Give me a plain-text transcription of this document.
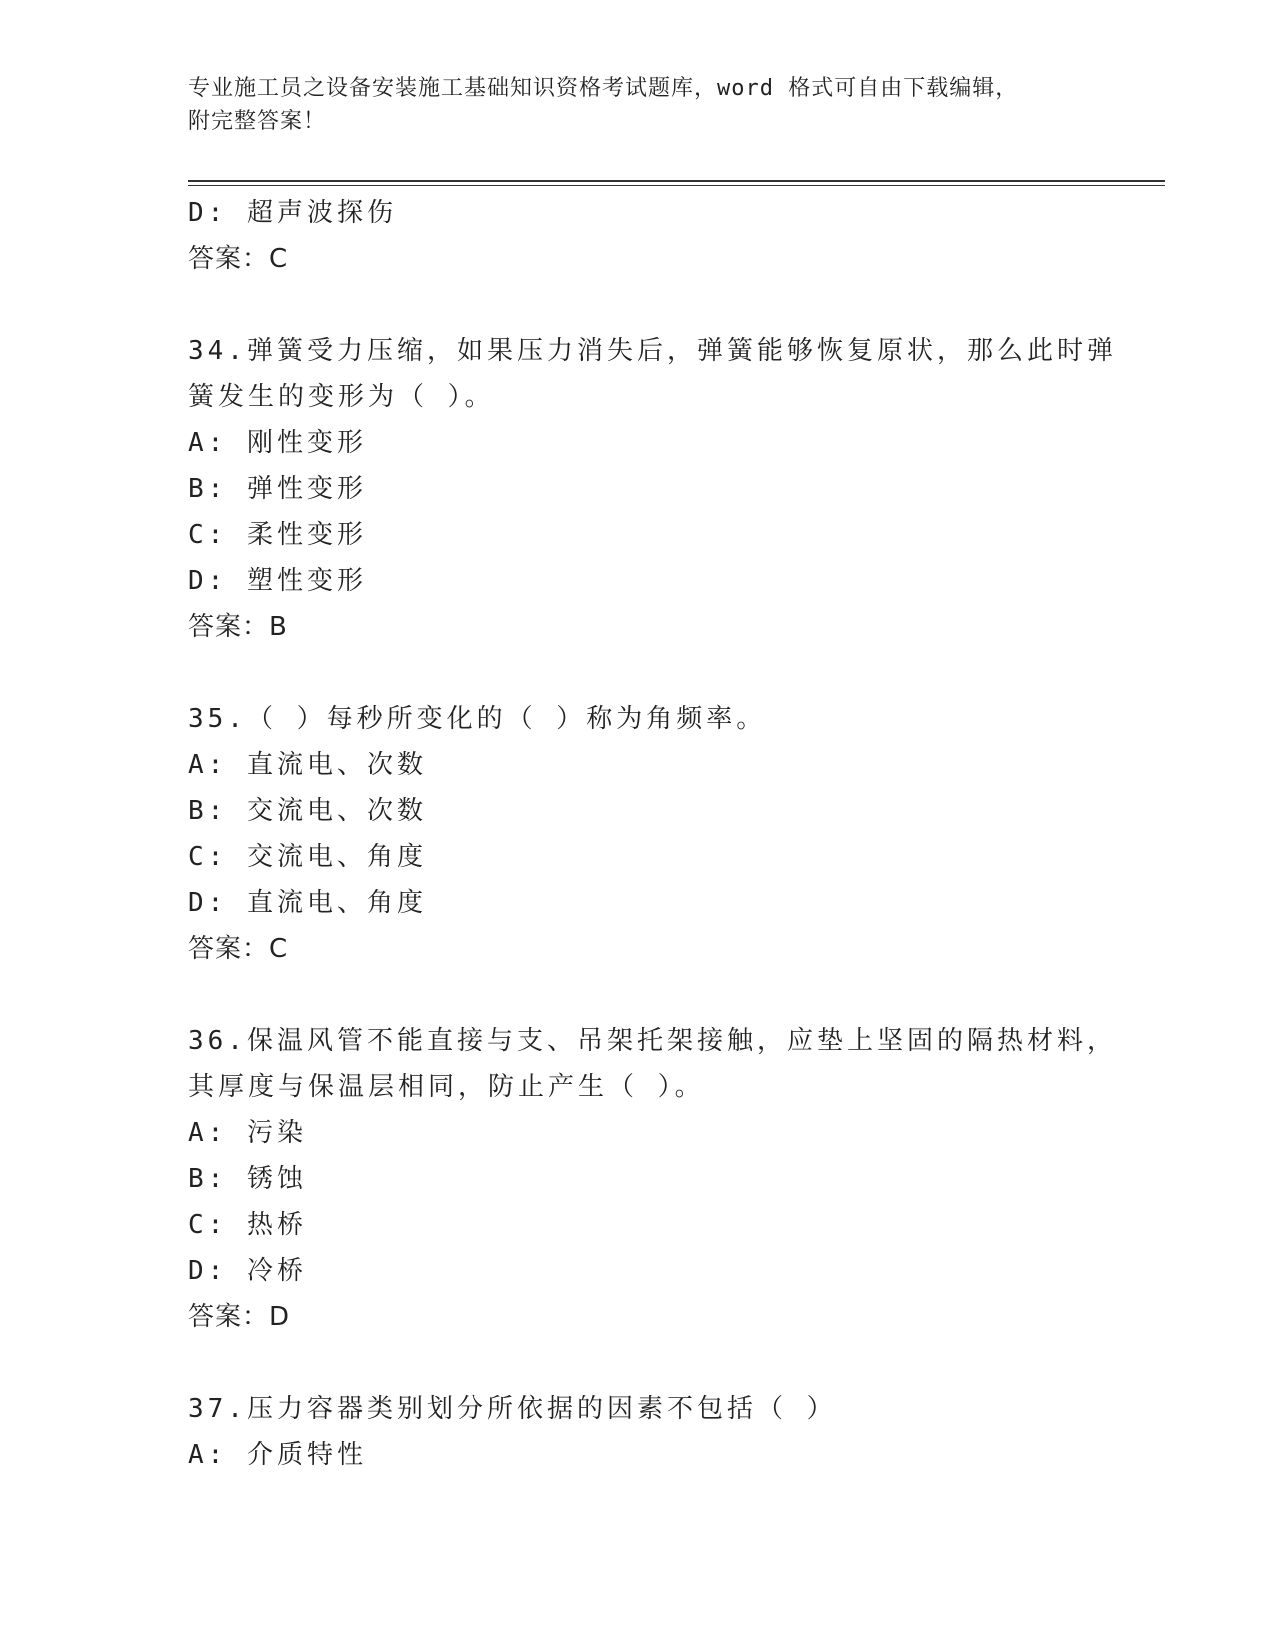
专业施工员之设备安装施工基础知识资格考试题库，word 格式可自由下载编辑，
附完整答案！
D: 超声波探伤
答案：C
34.弹簧受力压缩，如果压力消失后，弹簧能够恢复原状，那么此时弹
簧发生的变形为（ ）。
A: 刚性变形
B: 弹性变形
C: 柔性变形
D: 塑性变形
答案：B
35.（ ）每秒所变化的（ ）称为角频率。
A: 直流电、次数
B: 交流电、次数
C: 交流电、角度
D: 直流电、角度
答案：C
36.保温风管不能直接与支、吊架托架接触，应垫上坚固的隔热材料，
其厚度与保温层相同，防止产生（ ）。
A: 污染
B: 锈蚀
C: 热桥
D: 冷桥
答案：D
37.压力容器类别划分所依据的因素不包括（ ）
A: 介质特性
